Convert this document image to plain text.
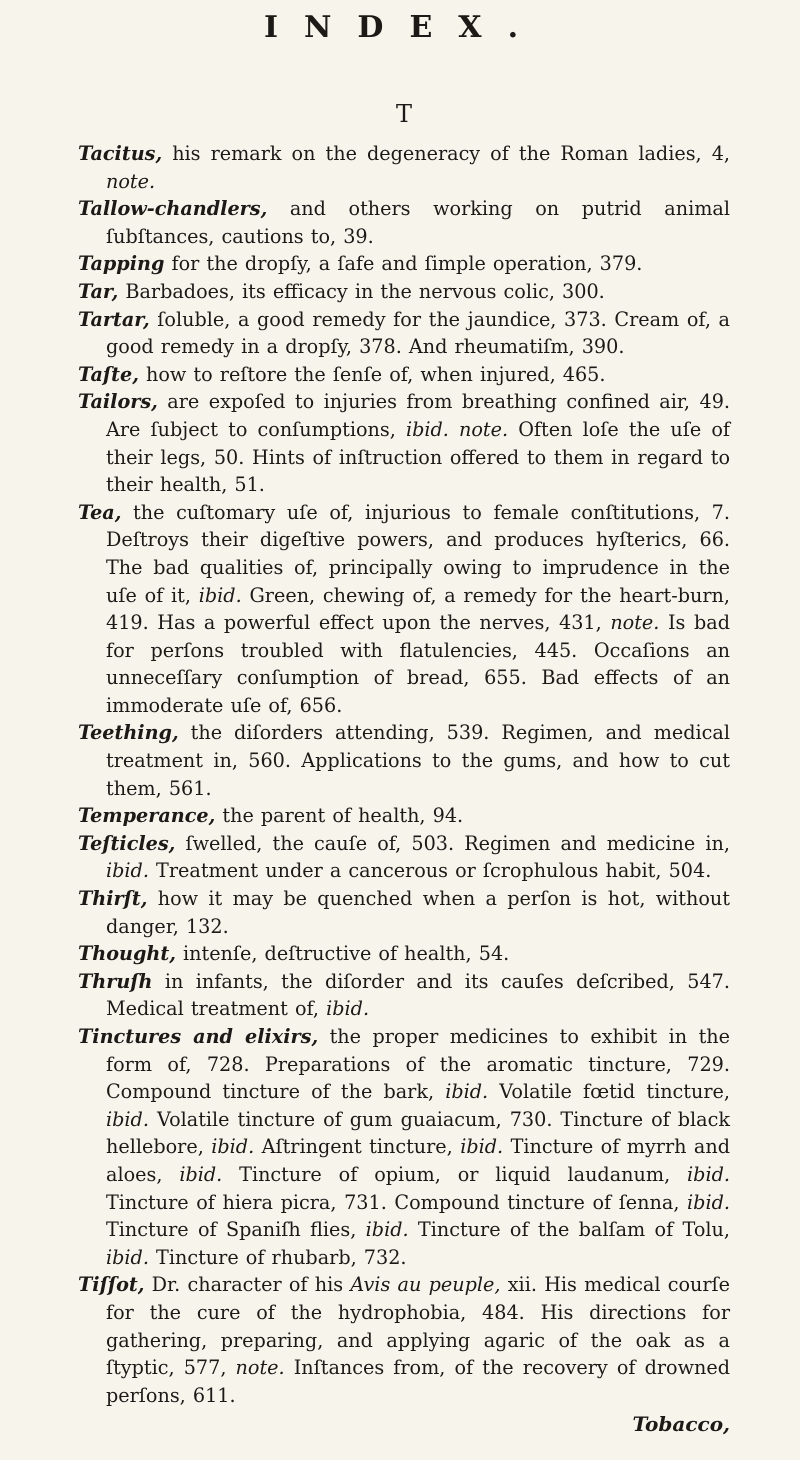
INDEX.
T

Tacitus, his remark on the degeneracy of the Roman ladies, 4, note.

Tallow-chandlers, and others working on putrid animal ſubſtances, cautions to, 39.

Tapping for the dropſy, a ſafe and ſimple operation, 379.

Tar, Barbadoes, its efficacy in the nervous colic, 300.

Tartar, ſoluble, a good remedy for the jaundice, 373. Cream of, a good remedy in a dropſy, 378. And rheumatiſm, 390.

Taſte, how to reſtore the ſenſe of, when injured, 465.

Tailors, are expoſed to injuries from breathing confined air, 49. Are ſubject to conſumptions, ibid. note. Often loſe the uſe of their legs, 50. Hints of inſtruction offered to them in regard to their health, 51.

Tea, the cuſtomary uſe of, injurious to female conſtitutions, 7. Deſtroys their digeſtive powers, and produces hyſterics, 66. The bad qualities of, principally owing to imprudence in the uſe of it, ibid. Green, chewing of, a remedy for the heart-burn, 419. Has a powerful effect upon the nerves, 431, note. Is bad for perſons troubled with flatulencies, 445. Occaſions an unneceſſary conſumption of bread, 655. Bad effects of an immoderate uſe of, 656.

Teething, the diſorders attending, 539. Regimen, and medical treatment in, 560. Applications to the gums, and how to cut them, 561.

Temperance, the parent of health, 94.

Teſticles, ſwelled, the cauſe of, 503. Regimen and medicine in, ibid. Treatment under a cancerous or ſcrophulous habit, 504.

Thirſt, how it may be quenched when a perſon is hot, without danger, 132.

Thought, intenſe, deſtructive of health, 54.

Thruſh in infants, the diſorder and its cauſes deſcribed, 547. Medical treatment of, ibid.

Tinctures and elixirs, the proper medicines to exhibit in the form of, 728. Preparations of the aromatic tincture, 729. Compound tincture of the bark, ibid. Volatile fœtid tincture, ibid. Volatile tincture of gum guaiacum, 730. Tincture of black hellebore, ibid. Aſtringent tincture, ibid. Tincture of myrrh and aloes, ibid. Tincture of opium, or liquid laudanum, ibid. Tincture of hiera picra, 731. Compound tincture of ſenna, ibid. Tincture of Spaniſh flies, ibid. Tincture of the balſam of Tolu, ibid. Tincture of rhubarb, 732.

Tiſſot, Dr. character of his Avis au peuple, xii. His medical courſe for the cure of the hydrophobia, 484. His directions for gathering, preparing, and applying agaric of the oak as a ſtyptic, 577, note. Inſtances from, of the recovery of drowned perſons, 611.

Tobacco,
